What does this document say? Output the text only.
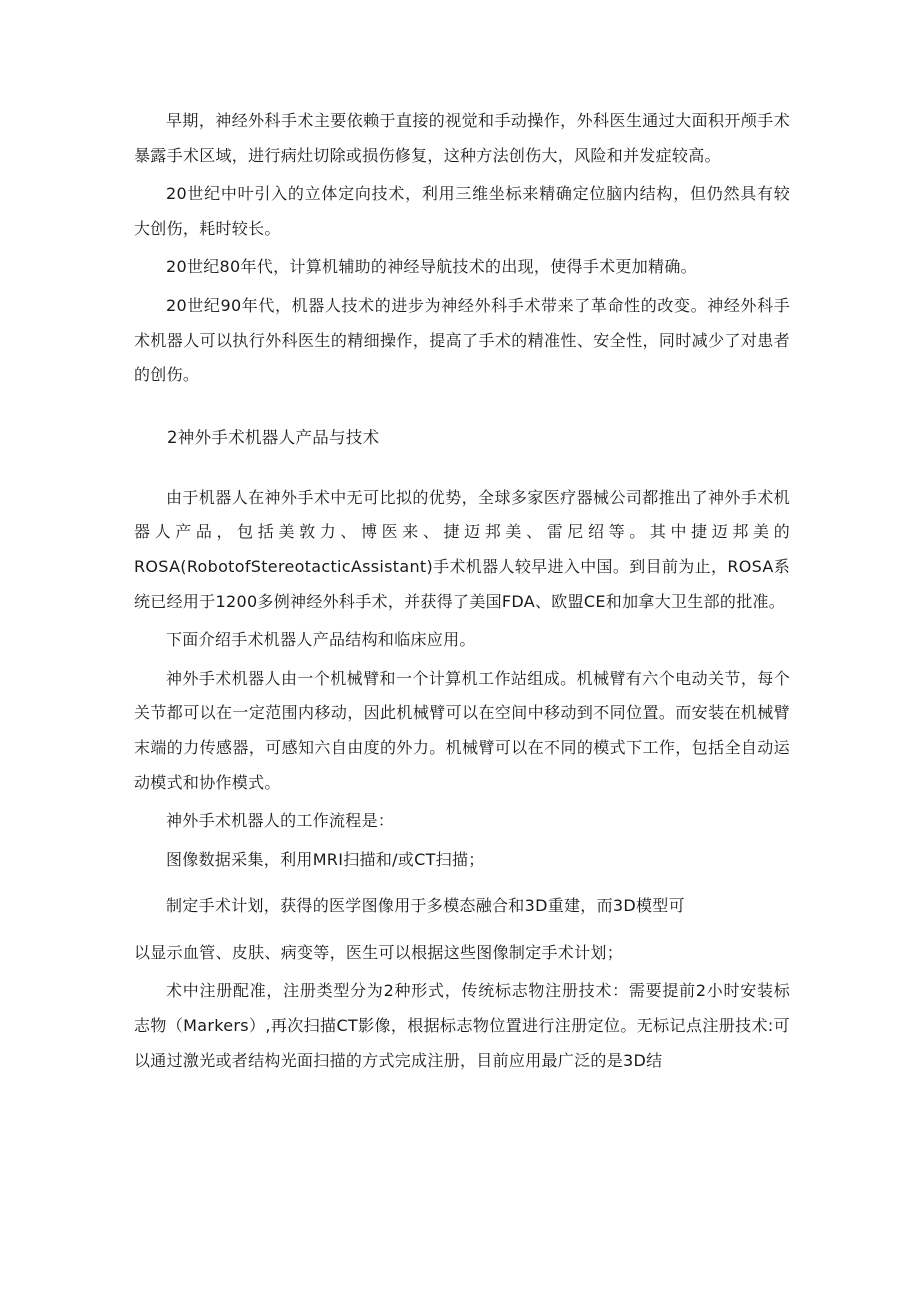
早期，神经外科手术主要依赖于直接的视觉和手动操作，外科医生通过大面积开颅手术暴露手术区域，进行病灶切除或损伤修复，这种方法创伤大，风险和并发症较高。

20世纪中叶引入的立体定向技术，利用三维坐标来精确定位脑内结构，但仍然具有较大创伤，耗时较长。

20世纪80年代，计算机辅助的神经导航技术的出现，使得手术更加精确。

20世纪90年代，机器人技术的进步为神经外科手术带来了革命性的改变。神经外科手术机器人可以执行外科医生的精细操作，提高了手术的精准性、安全性，同时减少了对患者的创伤。

2神外手术机器人产品与技术

由于机器人在神外手术中无可比拟的优势，全球多家医疗器械公司都推出了神外手术机器人产品，包括美敦力、博医来、捷迈邦美、雷尼绍等。其中捷迈邦美的ROSA(RobotofStereotacticAssistant)手术机器人较早进入中国。到目前为止，ROSA系统已经用于1200多例神经外科手术，并获得了美国FDA、欧盟CE和加拿大卫生部的批准。

下面介绍手术机器人产品结构和临床应用。

神外手术机器人由一个机械臂和一个计算机工作站组成。机械臂有六个电动关节，每个关节都可以在一定范围内移动，因此机械臂可以在空间中移动到不同位置。而安装在机械臂末端的力传感器，可感知六自由度的外力。机械臂可以在不同的模式下工作，包括全自动运动模式和协作模式。

神外手术机器人的工作流程是：

图像数据采集，利用MRI扫描和/或CT扫描；

制定手术计划，获得的医学图像用于多模态融合和3D重建，而3D模型可

以显示血管、皮肤、病变等，医生可以根据这些图像制定手术计划；

术中注册配准，注册类型分为2种形式，传统标志物注册技术：需要提前2小时安装标志物（Markers）,再次扫描CT影像，根据标志物位置进行注册定位。无标记点注册技术:可以通过激光或者结构光面扫描的方式完成注册，目前应用最广泛的是3D结
